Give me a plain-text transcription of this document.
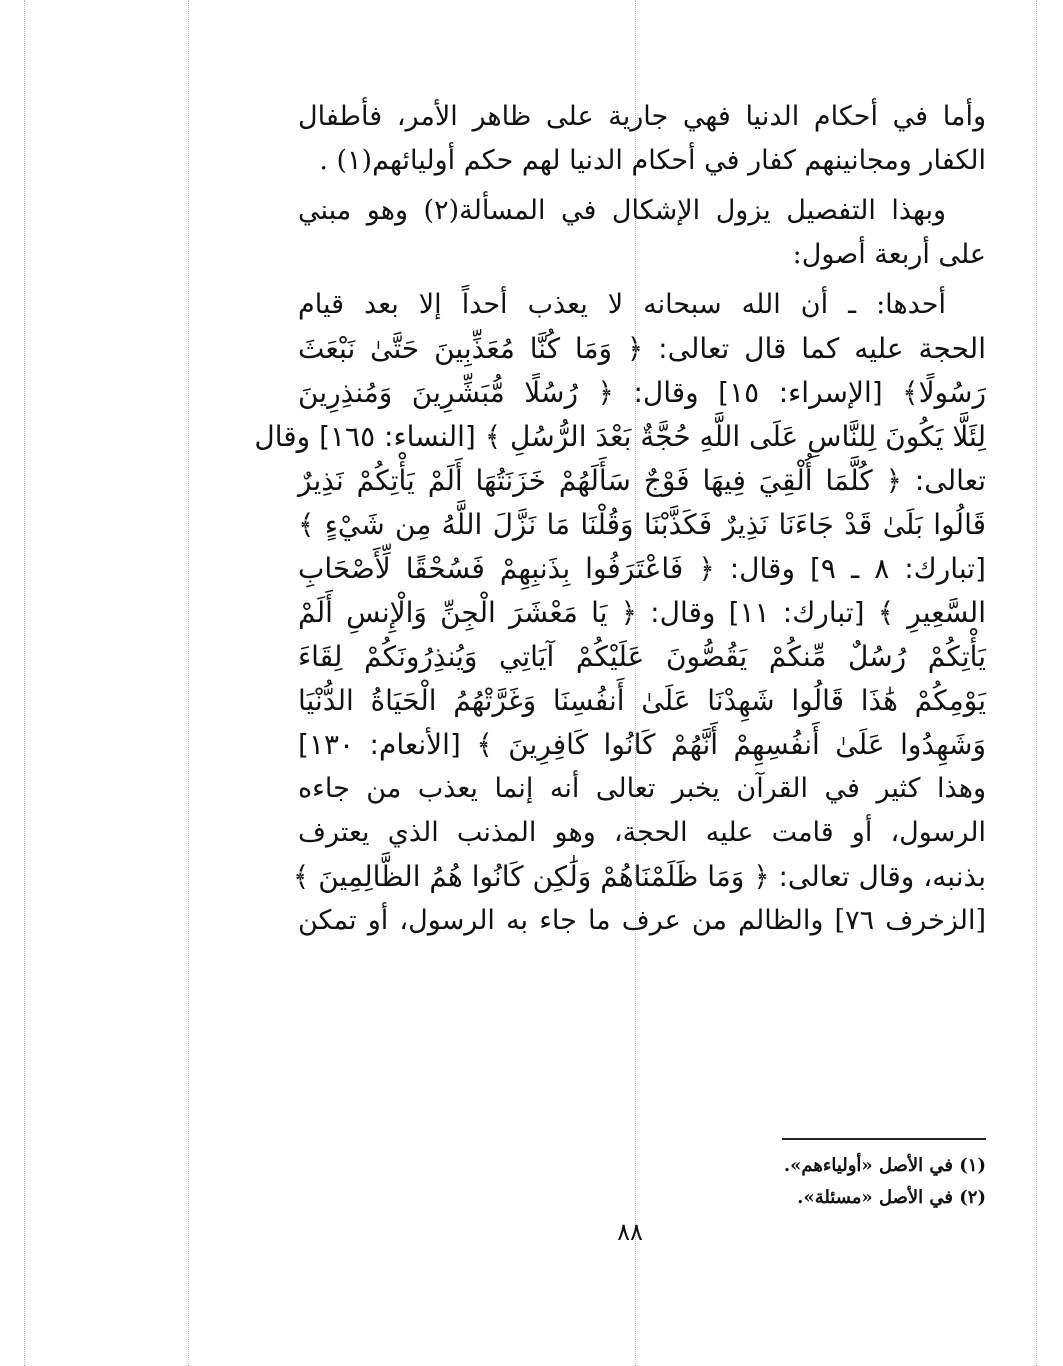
وأما في أحكام الدنيا فهي جارية على ظاهر الأمر، فأطفال
الكفار ومجانينهم كفار في أحكام الدنيا لهم حكم أوليائهم(١) .
وبهذا التفصيل يزول الإشكال في المسألة(٢) وهو مبني
على أربعة أصول:
أحدها: ـ أن الله سبحانه لا يعذب أحداً إلا بعد قيام
الحجة عليه كما قال تعالى: ﴿ وَمَا كُنَّا مُعَذِّبِينَ حَتَّىٰ نَبْعَثَ
رَسُولًا﴾ [الإسراء: ١٥] وقال: ﴿ رُسُلًا مُّبَشِّرِينَ وَمُنذِرِينَ
لِئَلَّا يَكُونَ لِلنَّاسِ عَلَى اللَّهِ حُجَّةٌ بَعْدَ الرُّسُلِ ﴾ [النساء: ١٦٥] وقال
تعالى: ﴿ كُلَّمَا أُلْقِيَ فِيهَا فَوْجٌ سَأَلَهُمْ خَزَنَتُهَا أَلَمْ يَأْتِكُمْ نَذِيرٌ
قَالُوا بَلَىٰ قَدْ جَاءَنَا نَذِيرٌ فَكَذَّبْنَا وَقُلْنَا مَا نَزَّلَ اللَّهُ مِن شَيْءٍ ﴾
[تبارك: ٨ ـ ٩] وقال: ﴿ فَاعْتَرَفُوا بِذَنبِهِمْ فَسُحْقًا لِّأَصْحَابِ
السَّعِيرِ ﴾ [تبارك: ١١] وقال: ﴿ يَا مَعْشَرَ الْجِنِّ وَالْإِنسِ أَلَمْ
يَأْتِكُمْ رُسُلٌ مِّنكُمْ يَقُصُّونَ عَلَيْكُمْ آيَاتِي وَيُنذِرُونَكُمْ لِقَاءَ
يَوْمِكُمْ هَٰذَا قَالُوا شَهِدْنَا عَلَىٰ أَنفُسِنَا وَغَرَّتْهُمُ الْحَيَاةُ الدُّنْيَا
وَشَهِدُوا عَلَىٰ أَنفُسِهِمْ أَنَّهُمْ كَانُوا كَافِرِينَ ﴾ [الأنعام: ١٣٠]
وهذا كثير في القرآن يخبر تعالى أنه إنما يعذب من جاءه
الرسول، أو قامت عليه الحجة، وهو المذنب الذي يعترف
بذنبه، وقال تعالى: ﴿ وَمَا ظَلَمْنَاهُمْ وَلَٰكِن كَانُوا هُمُ الظَّالِمِينَ ﴾
[الزخرف ٧٦] والظالم من عرف ما جاء به الرسول، أو تمكن
(١) في الأصل «أولياءهم».
(٢) في الأصل «مسئلة».
٨٨
